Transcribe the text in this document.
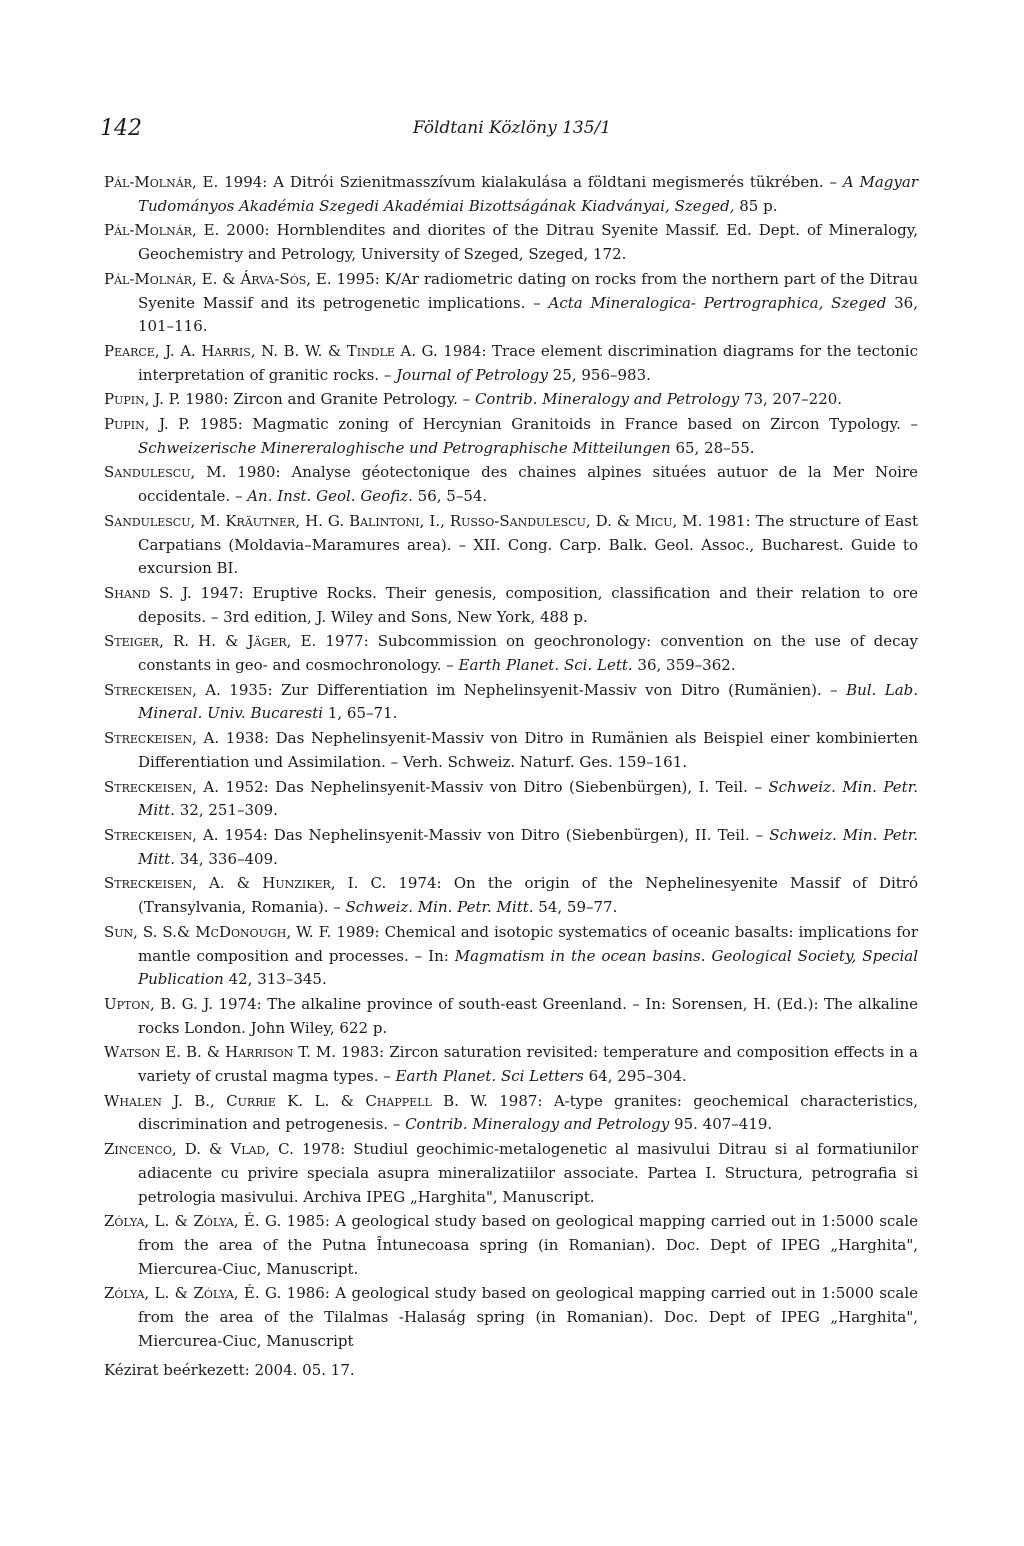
142	Földtani Közlöny 135/1
Pál-Molnár, E. 1994: A Ditrói Szienitmasszívum kialakulása a földtani megismerés tükrében. – A Magyar Tudományos Akadémia Szegedi Akadémiai Bizottságának Kiadványai, Szeged, 85 p.
Pál-Molnár, E. 2000: Hornblendites and diorites of the Ditrau Syenite Massif. Ed. Dept. of Mineralogy, Geochemistry and Petrology, University of Szeged, Szeged, 172.
Pál-Molnár, E. & Árva-Sós, E. 1995: K/Ar radiometric dating on rocks from the northern part of the Ditrau Syenite Massif and its petrogenetic implications. – Acta Mineralogica- Pertrographica, Szeged 36, 101–116.
Pearce, J. A. Harris, N. B. W. & Tindle A. G. 1984: Trace element discrimination diagrams for the tectonic interpretation of granitic rocks. – Journal of Petrology 25, 956–983.
Pupin, J. P. 1980: Zircon and Granite Petrology. – Contrib. Mineralogy and Petrology 73, 207–220.
Pupin, J. P. 1985: Magmatic zoning of Hercynian Granitoids in France based on Zircon Typology. – Schweizerische Minereraloghische und Petrographische Mitteilungen 65, 28–55.
Sandulescu, M. 1980: Analyse géotectonique des chaines alpines situées autuor de la Mer Noire occidentale. – An. Inst. Geol. Geofiz. 56, 5–54.
Sandulescu, M. Kräutner, H. G. Balintoni, I., Russo-Sandulescu, D. & Micu, M. 1981: The structure of East Carpatians (Moldavia–Maramures area). – XII. Cong. Carp. Balk. Geol. Assoc., Bucharest. Guide to excursion BI.
Shand S. J. 1947: Eruptive Rocks. Their genesis, composition, classification and their relation to ore deposits. – 3rd edition, J. Wiley and Sons, New York, 488 p.
Steiger, R. H. & Jäger, E. 1977: Subcommission on geochronology: convention on the use of decay constants in geo- and cosmochronology. – Earth Planet. Sci. Lett. 36, 359–362.
Streckeisen, A. 1935: Zur Differentiation im Nephelinsyenit-Massiv von Ditro (Rumänien). – Bul. Lab. Mineral. Univ. Bucaresti 1, 65–71.
Streckeisen, A. 1938: Das Nephelinsyenit-Massiv von Ditro in Rumänien als Beispiel einer kombinierten Differentiation und Assimilation. – Verh. Schweiz. Naturf. Ges. 159–161.
Streckeisen, A. 1952: Das Nephelinsyenit-Massiv von Ditro (Siebenbürgen), I. Teil. – Schweiz. Min. Petr. Mitt. 32, 251–309.
Streckeisen, A. 1954: Das Nephelinsyenit-Massiv von Ditro (Siebenbürgen), II. Teil. – Schweiz. Min. Petr. Mitt. 34, 336–409.
Streckeisen, A. & Hunziker, I. C. 1974: On the origin of the Nephelinesyenite Massif of Ditró (Transylvania, Romania). – Schweiz. Min. Petr. Mitt. 54, 59–77.
Sun, S. S.& McDonough, W. F. 1989: Chemical and isotopic systematics of oceanic basalts: implications for mantle composition and processes. – In: Magmatism in the ocean basins. Geological Society, Special Publication 42, 313–345.
Upton, B. G. J. 1974: The alkaline province of south-east Greenland. – In: Sorensen, H. (Ed.): The alkaline rocks London. John Wiley, 622 p.
Watson E. B. & Harrison T. M. 1983: Zircon saturation revisited: temperature and composition effects in a variety of crustal magma types. – Earth Planet. Sci Letters 64, 295–304.
Whalen J. B., Currie K. L. & Chappell B. W. 1987: A-type granites: geochemical characteristics, discrimination and petrogenesis. – Contrib. Mineralogy and Petrology 95. 407–419.
Zincenco, D. & Vlad, C. 1978: Studiul geochimic-metalogenetic al masivului Ditrau si al formatiunilor adiacente cu privire speciala asupra mineralizatiilor associate. Partea I. Structura, petrografia si petrologia masivului. Archiva IPEG „Harghita", Manuscript.
Zólya, L. & Zólya, É. G. 1985: A geological study based on geological mapping carried out in 1:5000 scale from the area of the Putna Întunecoasa spring (in Romanian). Doc. Dept of IPEG „Harghita", Miercurea-Ciuc, Manuscript.
Zólya, L. & Zólya, É. G. 1986: A geological study based on geological mapping carried out in 1:5000 scale from the area of the Tilalmas -Halaság spring (in Romanian). Doc. Dept of IPEG „Harghita", Miercurea-Ciuc, Manuscript
Kézirat beérkezett: 2004. 05. 17.
